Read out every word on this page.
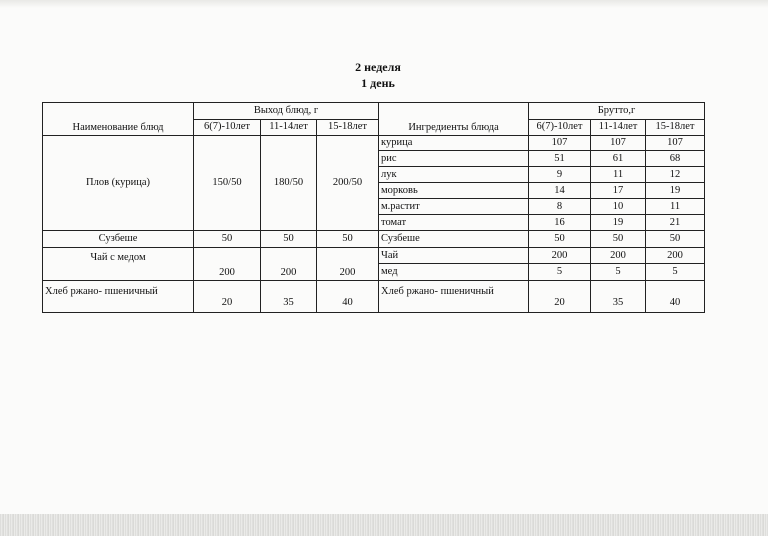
2 неделя
1 день
Наименование блюд	Выход блюд, г			Ингредиенты блюда	Брутто,г		
	6(7)-10лет	11-14лет	15-18лет		6(7)-10лет	11-14лет	15-18лет
Плов (курица)	150/50	180/50	200/50	курица	107	107	107
				рис	51	61	68
				лук	9	11	12
				морковь	14	17	19
				м.растит	8	10	11
				томат	16	19	21
Сузбеше	50	50	50	Сузбеше	50	50	50
Чай с медом	200	200	200	Чай	200	200	200
				мед	5	5	5
Хлеб ржано- пшеничный	20	35	40	Хлеб ржано- пшеничный	20	35	40
